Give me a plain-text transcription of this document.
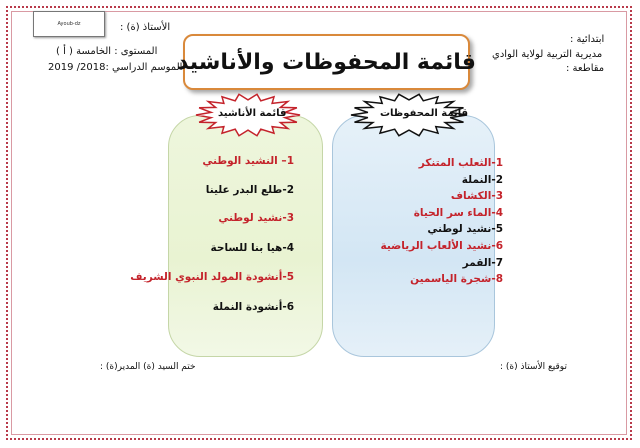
Ayoub-dz	الأستاذ (ة) :
المستوى : الخامسة ( أ )
الموسم الدراسي :2018/ 2019
ابتدائية :
مديرية التربية لولاية الوادي
مقاطعة :
قائمة المحفوظات والأناشيد
قائمة الأناشيد	قائمة المحفوظات
1– النشيد الوطني
2-طلع البدر علينا
3-نشيد لوطني
4-هيا بنا للساحة
5-أنشودة المولد النبوي الشريف
6-أنشودة النملة
1-الثعلب المتنكر
2-النملة
3-الكشاف
4-الماء سر الحياة
5-نشيد لوطني
6-نشيد الألعاب الرياضية
7-القمر
8-شجرة الياسمين
ختم السيد (ة) المدير(ة) :	توقيع الأستاذ (ة) :
